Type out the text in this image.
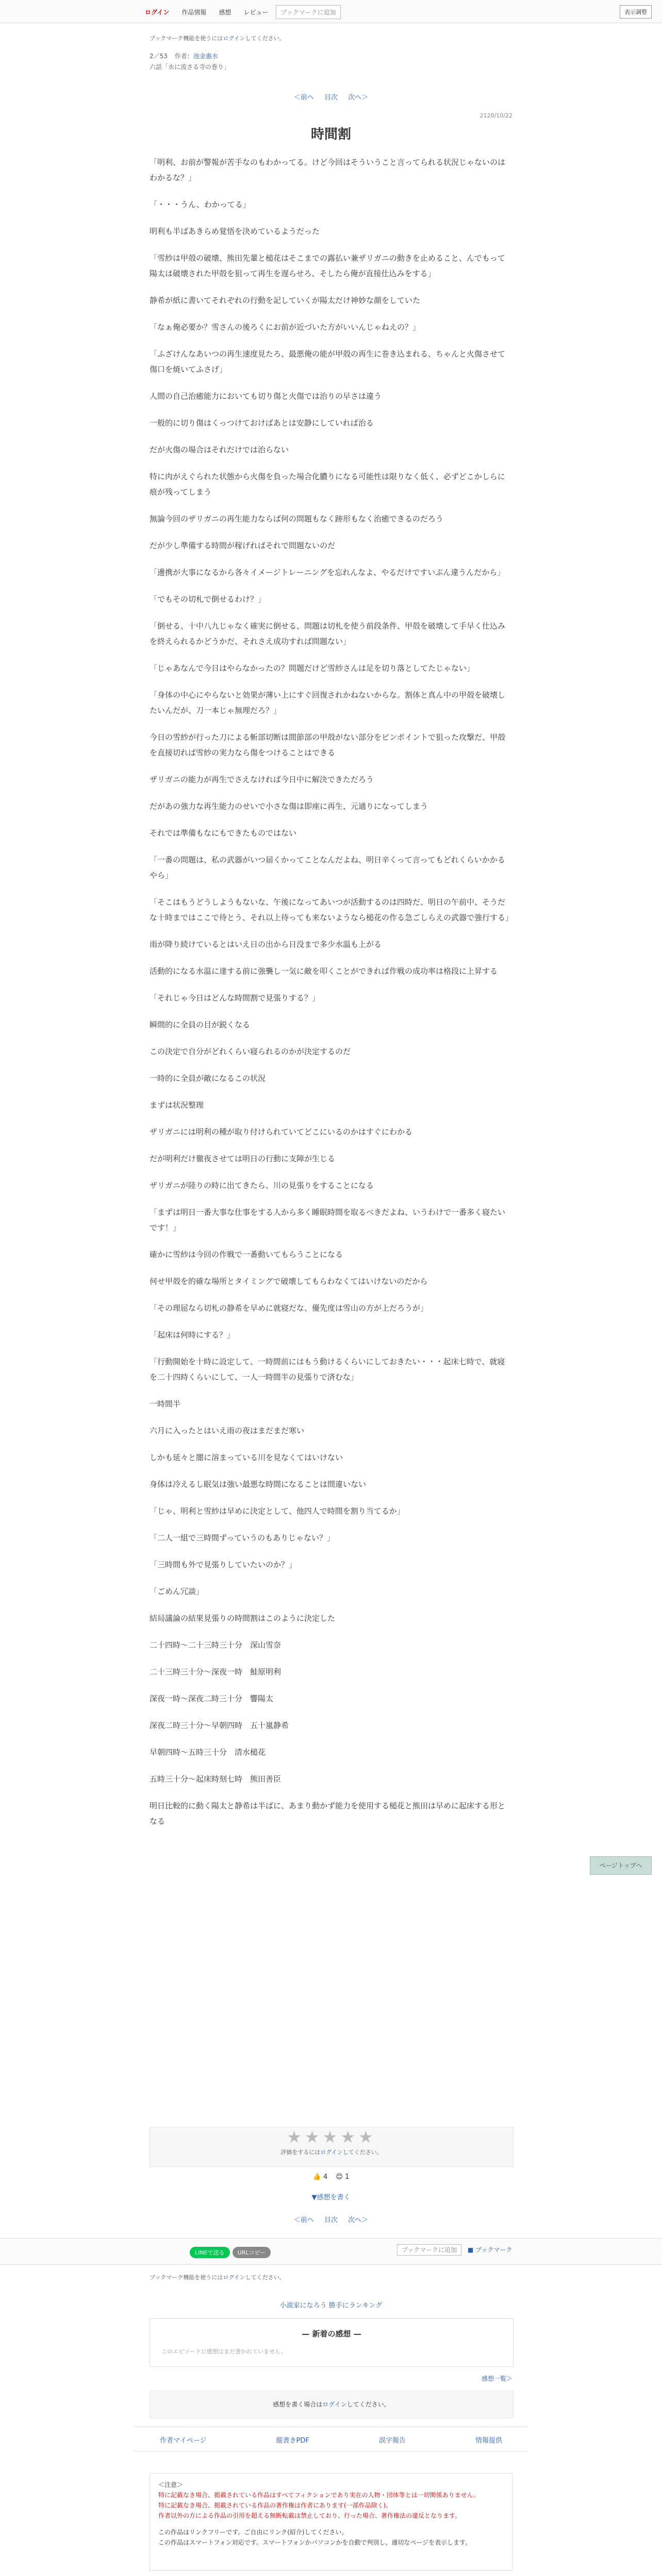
ログイン	作品情報	感想	レビュー	ブックマークに追加	表示調整
ブックマーク機能を使うにはログインしてください。
2／53 作者：池金惠水
六話「水に流さる寺の巻り」
＜前へ 目次 次へ＞
2120/10/22
時間割

「明利、お前が警報が苦手なのもわかってる。けど今回はそういうこと言ってられる状況じゃないのはわかるな？」

「・・・うん、わかってる」

明利も半ばあきらめ覚悟を決めているようだった

「雪紗は甲殻の破壊、熊田先輩と槌花はそこまでの露払い兼ザリガニの動きを止めること、んでもって陽太は破壊された甲殻を狙って再生を遅らせろ、そしたら俺が直接仕込みをする」

静希が紙に書いてそれぞれの行動を記していくが陽太だけ神妙な顔をしていた

「なぁ俺必要か？雪さんの後ろくにお前が近づいた方がいいんじゃねえの？」

「ふざけんなあいつの再生速度見たろ、最悪俺の能が甲殻の再生に巻き込まれる、ちゃんと火傷させて傷口を焼いてふさげ」

人間の自己治癒能力においても切り傷と火傷では治りの早さは違う

一般的に切り傷はくっつけておけばあとは安静にしていれば治る

だが火傷の場合はそれだけでは治らない

特に肉がえぐられた状態から火傷を負った場合化膿りになる可能性は限りなく低く、必ずどこかしらに痕が残ってしまう

無論今回のザリガニの再生能力ならば何の問題もなく跡形もなく治癒できるのだろう

だが少し準備する時間が稼げればそれで問題ないのだ

「邊携が大事になるから各々イメージトレーニングを忘れんなよ、やるだけですいぶん違うんだから」

「でもその切札で倒せるわけ？」

「倒せる、十中八九じゃなく確実に倒せる、問題は切札を使う前段条件、甲殻を破壊して手早く仕込みを終えられるかどうかだ、それさえ成功すれば問題ない」

「じゃあなんで今日はやらなかったの？問題だけど雪紗さんは足を切り落としてたじゃない」

「身体の中心にやらないと効果が薄い上にすぐ回復されかねないからな。割体と真ん中の甲殻を破壊したいんだが、刀一本じゃ無理だろ？」

今日の雪紗が行った刀による斬部切断は間節部の甲殻がない部分をピンポイントで狙った攻撃だ、甲殻を直接切れば雪紗の実力なら傷をつけることはできる

ザリガニの能力が再生でさえなければ今日中に解決できただろう

だがあの強力な再生能力のせいで小さな傷は即座に再生、元通りになってしまう

それでは準備もなにもできたものではない

「一番の問題は、私の武器がいつ届くかってことなんだよね、明日辛くって言ってもどれくらいかかるやら」

「そこはもうどうしようもないな、午後になってあいつが活動するのは四時だ、明日の午前中、そうだな十時まではここで待とう、それ以上待っても来ないようなら槌花の作る急ごしらえの武器で強行する」

雨が降り続けているとはいえ日の出から日没まで多少水温も上がる

活動的になる水温に達する前に強襲し一気に敵を叩くことができれば作戦の成功率は格段に上昇する

「それじゃ今日はどんな時間割で見張りする？」

瞬間的に全員の目が鋭くなる

この決定で自分がどれくらい寝られるのかが決定するのだ

一時的に全員が敵になるこの状況

まずは状況整理

ザリガニには明利の種が取り付けられていてどこにいるのかはすぐにわかる

だが明利だけ徹夜させては明日の行動に支障が生じる

ザリガニが陸りの時に出てきたら、川の見張りをすることになる

「まずは明日一番大事な仕事をする人から多く睡眠時間を取るべきだよね、いうわけで一番多く寝たいです！」

確かに雪紗は今回の作戦で一番動いてもらうことになる

何せ甲殻を的確な場所とタイミングで破壊してもらわなくてはいけないのだから

「その理屈なら切札の静希を早めに就寝だな、優先度は雪山の方が上だろうが」

「起床は何時にする？」

「行動開始を十時に設定して、一時間前にはもう動けるくらいにしておきたい・・・起床七時で、就寝を二十四時くらいにして、一人一時間半の見張りで済むな」

一時間半

六月に入ったとはいえ雨の夜はまだまだ寒い

しかも延々と闇に溶まっている川を見なくてはいけない

身体は冷えるし眠気は強い最悪な時間になることは間違いない

「じゃ、明利と雪紗は早めに決定として、他四人で時間を割り当てるか」

「二人一組で三時間ずっていうのもありじゃない？」

「三時間も外で見張りしていたいのか？」

「ごめん冗談」

結局議論の結果見張りの時間割はこのように決定した

二十四時〜二十三時三十分　深山雪奈

二十三時三十分〜深夜一時　鮭原明利

深夜一時〜深夜二時三十分　響陽太

深夜二時三十分〜早朝四時　五十嵐静希

早朝四時〜五時三十分　清水槌花

五時三十分〜起床時刻七時　熊田善臣

明日比較的に動く陽太と静希は半ばに、あまり動かず能力を使用する槌花と熊田は早めに起床する形となる

ページトップへ
★★★★★
評価をするにはログインしてください。
👍 4 😊 1
▼感想を書く
＜前へ 目次 次へ＞
LINEで送る URLコピー	ブックマークに追加 ■ ブックマーク
ブックマーク機能を使うにはログインしてください。
小説家になろう 勝手にランキング
— 新着の感想 —
このエピソードに感想はまだ書かれていません。
感想一覧＞
感想を書く場合はログインしてください。
作者マイページ	縦書きPDF	誤字報告	情報提供
＜注意＞
特に記載なき場合、掲載されている作品はすべてフィクションであり実在の人物・団体等とは一切関係ありません。
特に記載なき場合、掲載されている作品の著作権は作者にあります(一部作品除く)。
作者以外の方による作品の引用を超える無断転載は禁止しており、行った場合、著作権法の違反となります。
この作品はリンクフリーです。ご自由にリンク(紹介)してください。
この作品はスマートフォン対応です。スマートフォンかパソコンかを自動で判別し、適切なページを表示します。
